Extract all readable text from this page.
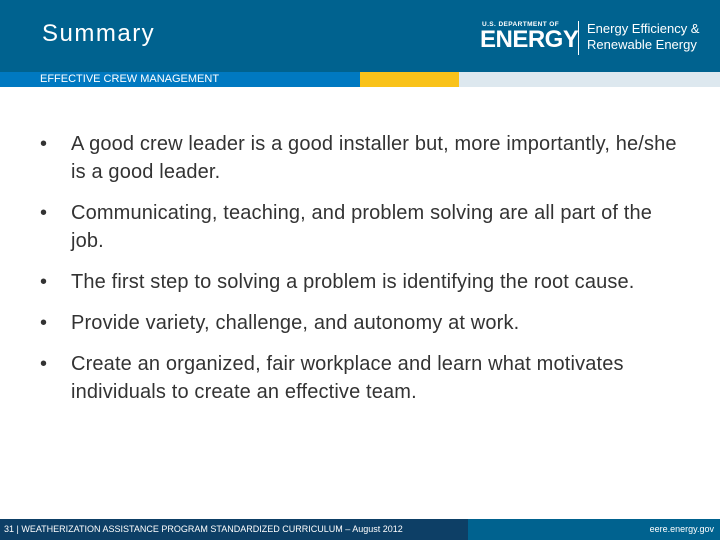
Summary	U.S. DEPARTMENT OF
ENERGY Energy Efficiency &
Renewable Energy
EFFECTIVE CREW MANAGEMENT
• A good crew leader is a good installer but, more importantly, he/she is a good leader.
• Communicating, teaching, and problem solving are all part of the job.
• The first step to solving a problem is identifying the root cause.
• Provide variety, challenge, and autonomy at work.
• Create an organized, fair workplace and learn what motivates individuals to create an effective team.
31 | WEATHERIZATION ASSISTANCE PROGRAM STANDARDIZED CURRICULUM – August 2012	eere.energy.gov
